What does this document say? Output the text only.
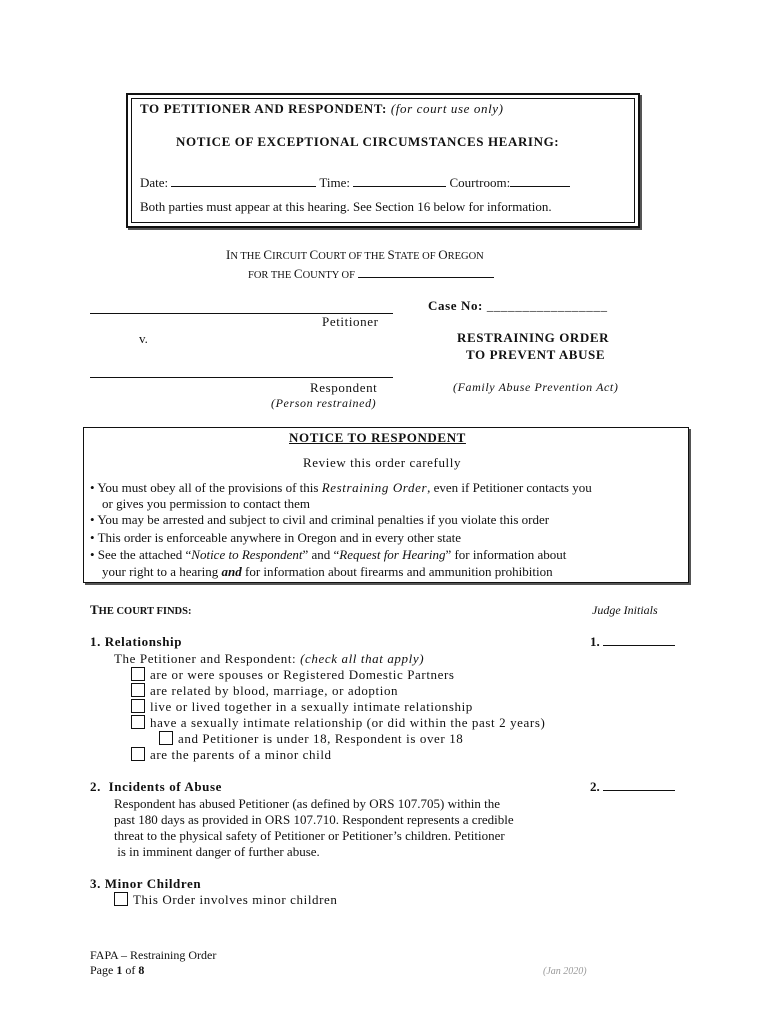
TO PETITIONER AND RESPONDENT: (for court use only)
NOTICE OF EXCEPTIONAL CIRCUMSTANCES HEARING:
Date:	Time:	Courtroom:
Both parties must appear at this hearing. See Section 16 below for information.
IN THE CIRCUIT COURT OF THE STATE OF OREGON
FOR THE COUNTY OF
Petitioner
v.
Respondent
(Person restrained)
Case No: _________________
RESTRAINING ORDER
TO PREVENT ABUSE
(Family Abuse Prevention Act)
NOTICE TO RESPONDENT
Review this order carefully
• You must obey all of the provisions of this Restraining Order, even if Petitioner contacts you
or gives you permission to contact them
• You may be arrested and subject to civil and criminal penalties if you violate this order
• This order is enforceable anywhere in Oregon and in every other state
• See the attached “Notice to Respondent” and “Request for Hearing” for information about
your right to a hearing and for information about firearms and ammunition prohibition
THE COURT FINDS:	Judge Initials
1. Relationship	1.
The Petitioner and Respondent: (check all that apply)
are or were spouses or Registered Domestic Partners
are related by blood, marriage, or adoption
live or lived together in a sexually intimate relationship
have a sexually intimate relationship (or did within the past 2 years)
and Petitioner is under 18, Respondent is over 18
are the parents of a minor child
2.  Incidents of Abuse	2.
Respondent has abused Petitioner (as defined by ORS 107.705) within the
past 180 days as provided in ORS 107.710. Respondent represents a credible
threat to the physical safety of Petitioner or Petitioner’s children. Petitioner
is in imminent danger of further abuse.
3. Minor Children
This Order involves minor children
FAPA – Restraining Order
Page 1 of 8	(Jan 2020)
